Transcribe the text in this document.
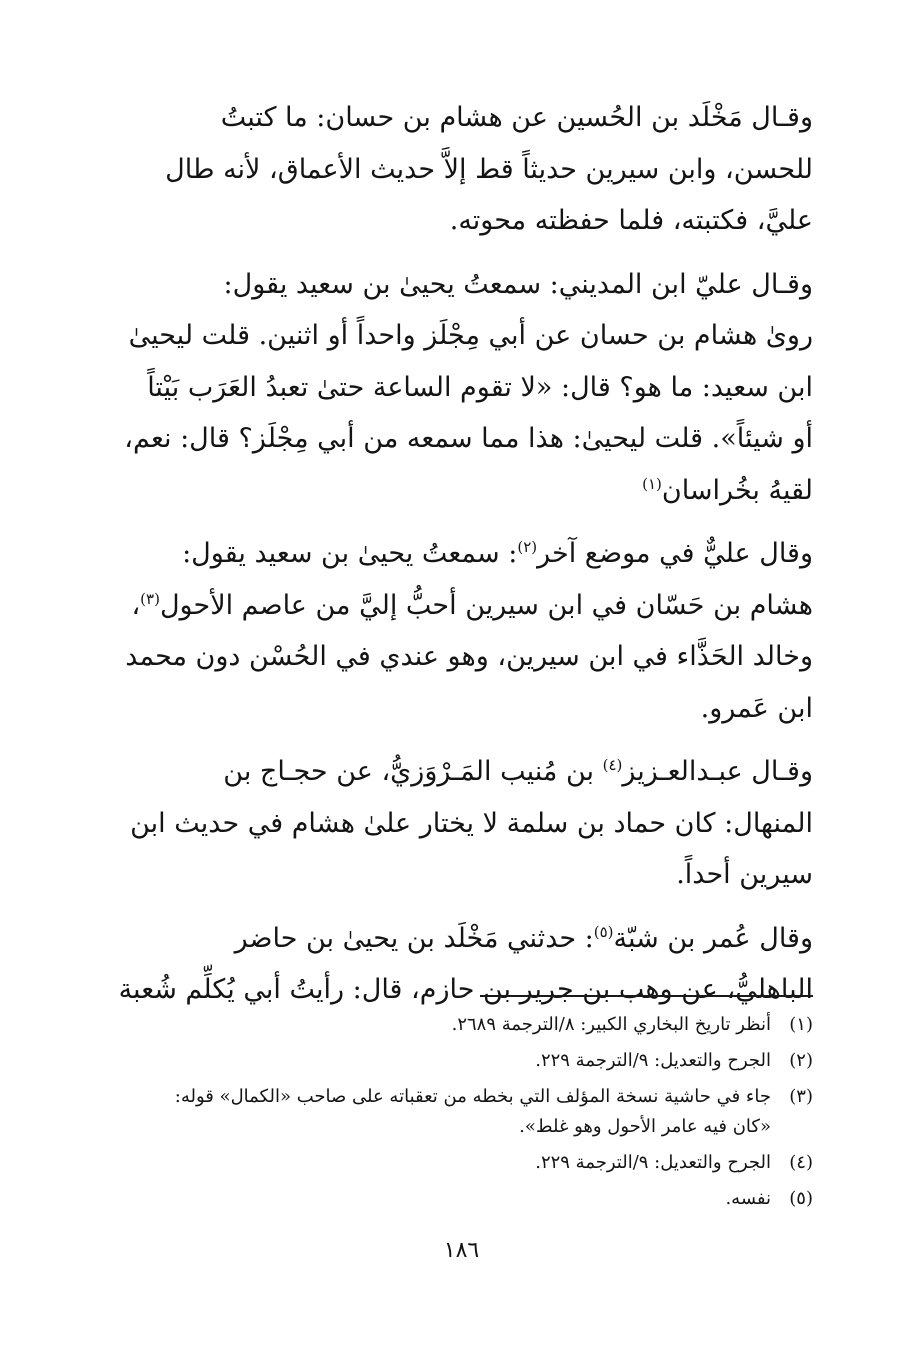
وقـال مَخْلَد بن الحُسين عن هشام بن حسان: ما كتبتُ

للحسن، وابن سيرين حديثاً قط إلاَّ حديث الأعماق، لأنه طال

عليَّ، فكتبته، فلما حفظته محوته.

وقـال عليّ ابن المديني: سمعتُ يحيىٰ بن سعيد يقول:

روىٰ هشام بن حسان عن أبي مِجْلَز واحداً أو اثنين. قلت ليحيىٰ

ابن سعيد: ما هو؟ قال: «لا تقوم الساعة حتىٰ تعبدُ العَرَب بَيْتاً

أو شيئاً». قلت ليحيىٰ: هذا مما سمعه من أبي مِجْلَز؟ قال: نعم،

لقيهُ بخُراسان$^{(١)}$

وقال عليٌّ في موضع آخر$^{(٢)}$: سمعتُ يحيىٰ بن سعيد يقول:

هشام بن حَسّان في ابن سيرين أحبُّ إليَّ من عاصم الأحول$^{(٣)}$،

وخالد الحَذَّاء في ابن سيرين، وهو عندي في الحُسْن دون محمد

ابن عَمرو.

وقـال عبـدالعـزيز$^{(٤)}$ بن مُنيب المَـرْوَزيُّ، عن حجـاج بن

المنهال: كان حماد بن سلمة لا يختار علىٰ هشام في حديث ابن

سيرين أحداً.

وقال عُمر بن شبّة$^{(٥)}$: حدثني مَخْلَد بن يحيىٰ بن حاضر

الباهليُّ، عن وهب بن جرير بن حازم، قال: رأيتُ أبي يُكلِّم شُعبة

(١)
أنظر تاريخ البخاري الكبير: ٨/الترجمة ٢٦٨٩.
(٢)
الجرح والتعديل: ٩/الترجمة ٢٢٩.
(٣)
جاء في حاشية نسخة المؤلف التي بخطه من تعقباته على صاحب «الكمال» قوله:
«كان فيه عامر الأحول وهو غلط».
(٤)
الجرح والتعديل: ٩/الترجمة ٢٢٩.
(٥)
نفسه.
١٨٦
